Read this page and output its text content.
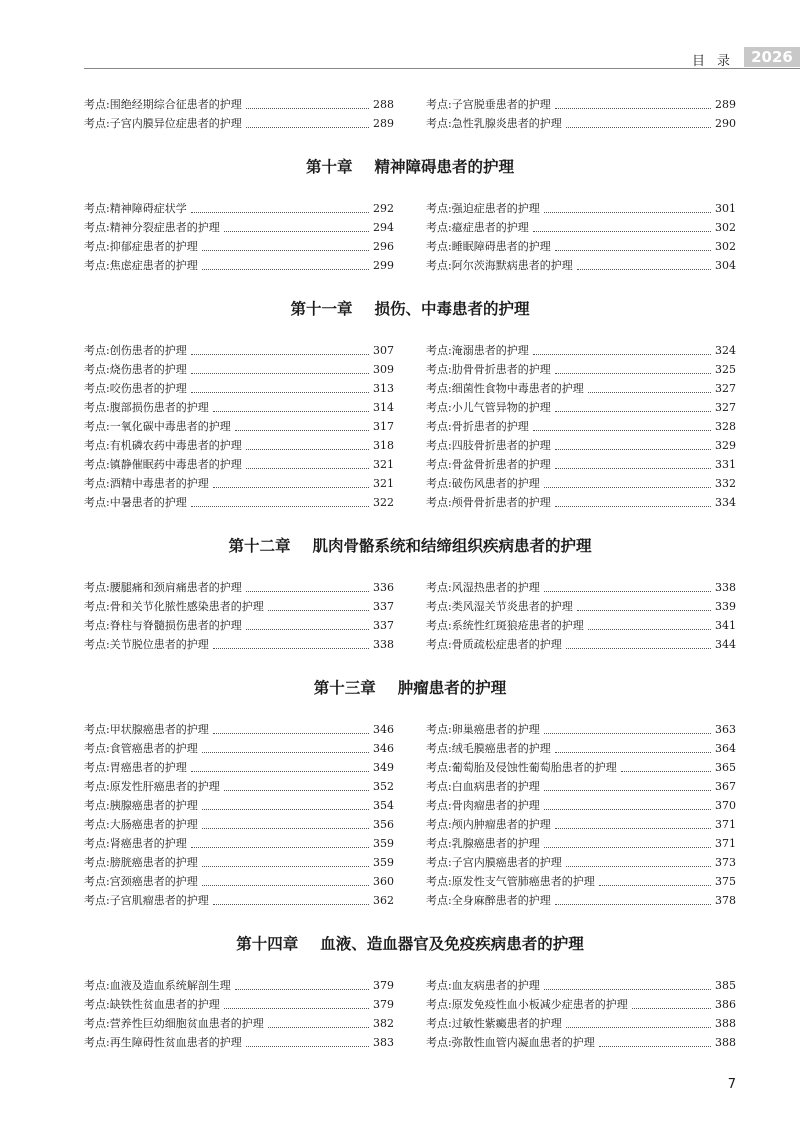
目录 2026
考点:围绝经期综合征患者的护理	288	考点:子宫脱垂患者的护理	289
考点:子宫内膜异位症患者的护理	289	考点:急性乳腺炎患者的护理	290
第十章 精神障碍患者的护理
考点:精神障碍症状学	292	考点:强迫症患者的护理	301
考点:精神分裂症患者的护理	294	考点:癔症患者的护理	302
考点:抑郁症患者的护理	296	考点:睡眠障碍患者的护理	302
考点:焦虑症患者的护理	299	考点:阿尔茨海默病患者的护理	304
第十一章 损伤、中毒患者的护理
考点:创伤患者的护理	307	考点:淹溺患者的护理	324
考点:烧伤患者的护理	309	考点:肋骨骨折患者的护理	325
考点:咬伤患者的护理	313	考点:细菌性食物中毒患者的护理	327
考点:腹部损伤患者的护理	314	考点:小儿气管异物的护理	327
考点:一氧化碳中毒患者的护理	317	考点:骨折患者的护理	328
考点:有机磷农药中毒患者的护理	318	考点:四肢骨折患者的护理	329
考点:镇静催眠药中毒患者的护理	321	考点:骨盆骨折患者的护理	331
考点:酒精中毒患者的护理	321	考点:破伤风患者的护理	332
考点:中暑患者的护理	322	考点:颅骨骨折患者的护理	334
第十二章 肌肉骨骼系统和结缔组织疾病患者的护理
考点:腰腿痛和颈肩痛患者的护理	336	考点:风湿热患者的护理	338
考点:骨和关节化脓性感染患者的护理	337	考点:类风湿关节炎患者的护理	339
考点:脊柱与脊髓损伤患者的护理	337	考点:系统性红斑狼疮患者的护理	341
考点:关节脱位患者的护理	338	考点:骨质疏松症患者的护理	344
第十三章 肿瘤患者的护理
考点:甲状腺癌患者的护理	346	考点:卵巢癌患者的护理	363
考点:食管癌患者的护理	346	考点:绒毛膜癌患者的护理	364
考点:胃癌患者的护理	349	考点:葡萄胎及侵蚀性葡萄胎患者的护理	365
考点:原发性肝癌患者的护理	352	考点:白血病患者的护理	367
考点:胰腺癌患者的护理	354	考点:骨肉瘤患者的护理	370
考点:大肠癌患者的护理	356	考点:颅内肿瘤患者的护理	371
考点:肾癌患者的护理	359	考点:乳腺癌患者的护理	371
考点:膀胱癌患者的护理	359	考点:子宫内膜癌患者的护理	373
考点:宫颈癌患者的护理	360	考点:原发性支气管肺癌患者的护理	375
考点:子宫肌瘤患者的护理	362	考点:全身麻醉患者的护理	378
第十四章 血液、造血器官及免疫疾病患者的护理
考点:血液及造血系统解剖生理	379	考点:血友病患者的护理	385
考点:缺铁性贫血患者的护理	379	考点:原发免疫性血小板减少症患者的护理	386
考点:营养性巨幼细胞贫血患者的护理	382	考点:过敏性紫癜患者的护理	388
考点:再生障碍性贫血患者的护理	383	考点:弥散性血管内凝血患者的护理	388
7
